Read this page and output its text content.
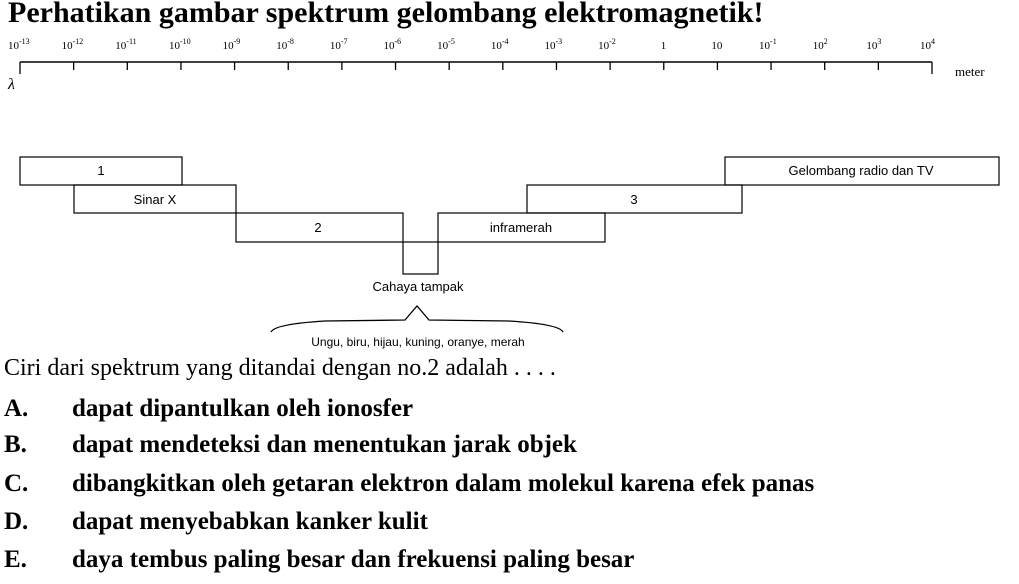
Perhatikan gambar spektrum gelombang elektromagnetik!
$10^{-13}$	$10^{-12}$	$10^{-11}$	$10^{-10}$	$10^{-9}$	$10^{-8}$	$10^{-7}$	$10^{-6}$	$10^{-5}$	$10^{-4}$	$10^{-3}$	$10^{-2}$	1	10	$10^{-1}$	$10^2$	$10^3$	$10^4$
λ
meter
1
Sinar X
2	inframerah
3
Gelombang radio dan TV
Cahaya tampak
Ungu, biru, hijau, kuning, oranye, merah
Ciri dari spektrum yang ditandai dengan no.2 adalah . . . .
A. dapat dipantulkan oleh ionosfer
B. dapat mendeteksi dan menentukan jarak objek
C. dibangkitkan oleh getaran elektron dalam molekul karena efek panas
D. dapat menyebabkan kanker kulit
E. daya tembus paling besar dan frekuensi paling besar
